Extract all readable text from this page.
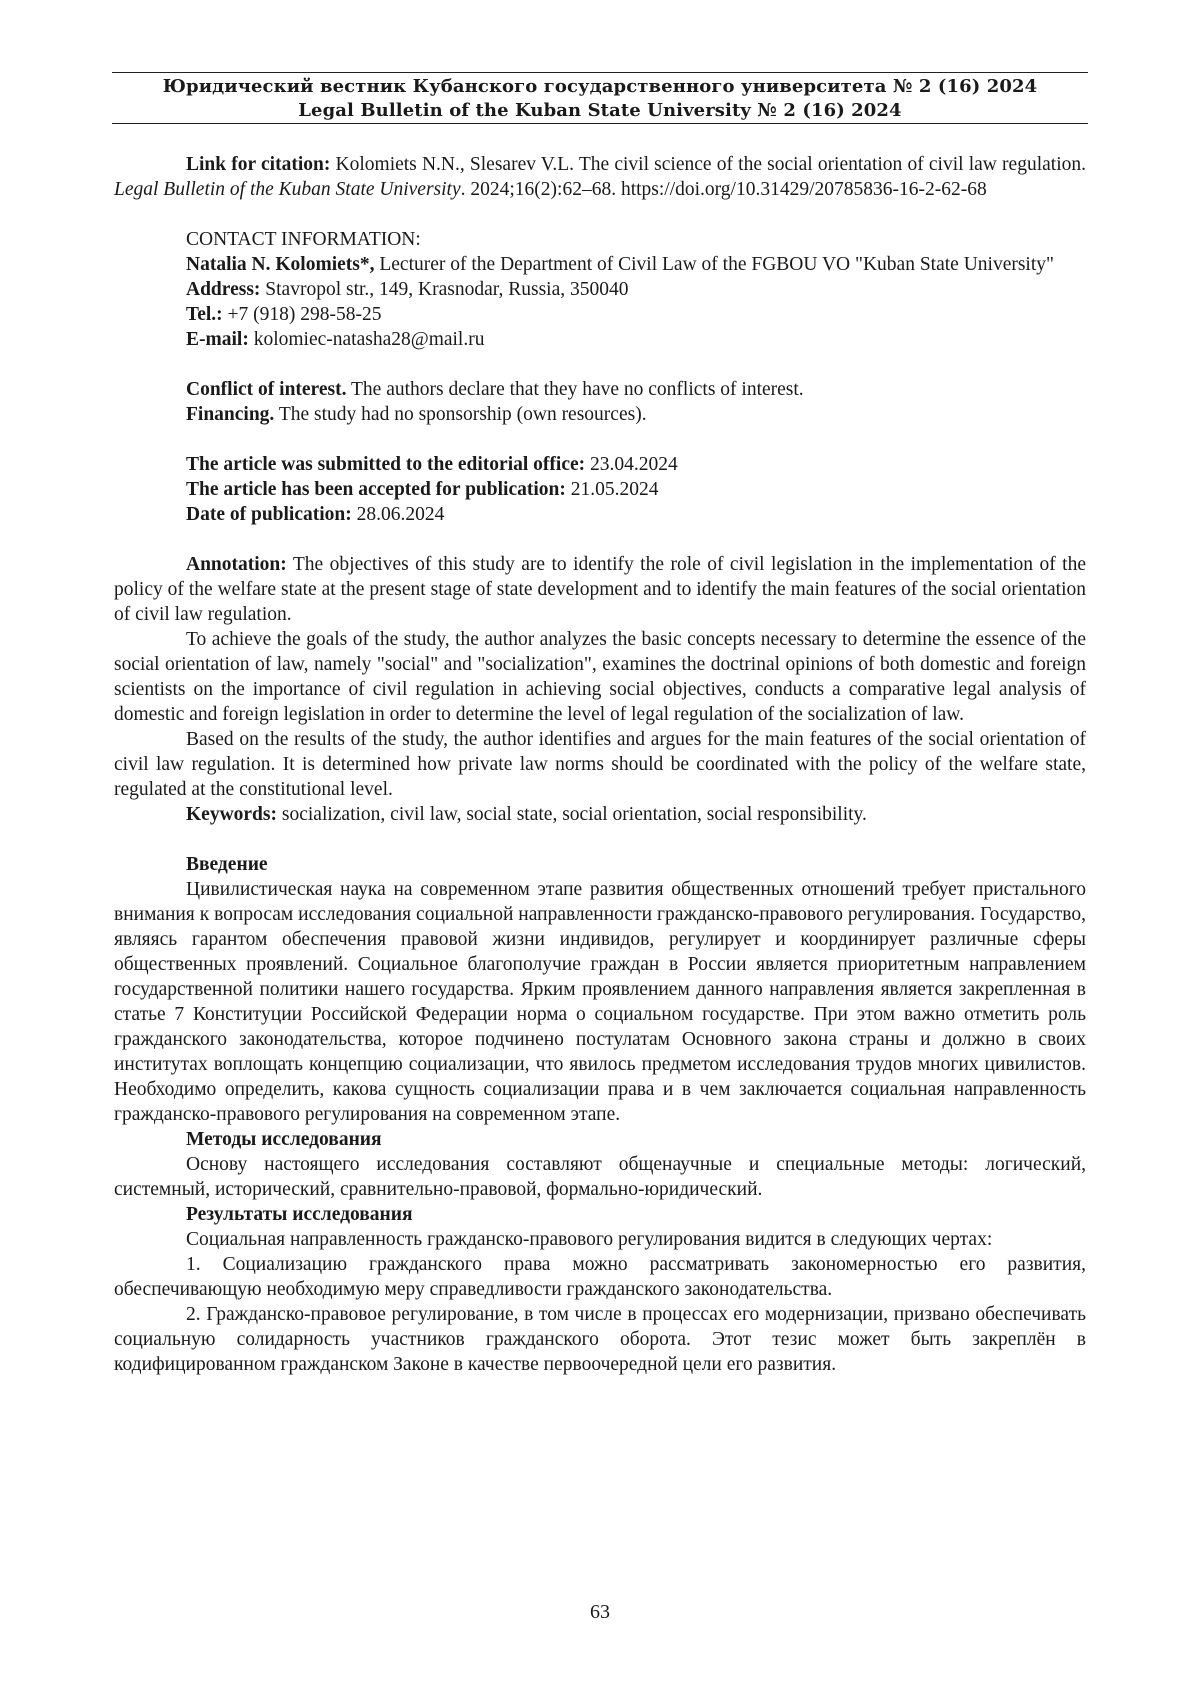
Юридический вестник Кубанского государственного университета № 2 (16) 2024
Legal Bulletin of the Kuban State University № 2 (16) 2024

Link for citation: Kolomiets N.N., Slesarev V.L. The civil science of the social orientation of civil law regulation. Legal Bulletin of the Kuban State University. 2024;16(2):62–68. https://doi.org/10.31429/20785836-16-2-62-68

CONTACT INFORMATION:

Natalia N. Kolomiets*, Lecturer of the Department of Civil Law of the FGBOU VO "Kuban State University"

Address: Stavropol str., 149, Krasnodar, Russia, 350040

Tel.: +7 (918) 298-58-25

E-mail: kolomiec-natasha28@mail.ru

Conflict of interest. The authors declare that they have no conflicts of interest.

Financing. The study had no sponsorship (own resources).

The article was submitted to the editorial office: 23.04.2024

The article has been accepted for publication: 21.05.2024

Date of publication: 28.06.2024

Annotation: The objectives of this study are to identify the role of civil legislation in the implementation of the policy of the welfare state at the present stage of state development and to identify the main features of the social orientation of civil law regulation.

To achieve the goals of the study, the author analyzes the basic concepts necessary to determine the essence of the social orientation of law, namely "social" and "socialization", examines the doctrinal opinions of both domestic and foreign scientists on the importance of civil regulation in achieving social objectives, conducts a comparative legal analysis of domestic and foreign legislation in order to determine the level of legal regulation of the socialization of law.

Based on the results of the study, the author identifies and argues for the main features of the social orientation of civil law regulation. It is determined how private law norms should be coordinated with the policy of the welfare state, regulated at the constitutional level.

Keywords: socialization, civil law, social state, social orientation, social responsibility.

Введение

Цивилистическая наука на современном этапе развития общественных отношений требует пристального внимания к вопросам исследования социальной направленности гражданско-правового регулирования. Государство, являясь гарантом обеспечения правовой жизни индивидов, регулирует и координирует различные сферы общественных проявлений. Социальное благополучие граждан в России является приоритетным направлением государственной политики нашего государства. Ярким проявлением данного направления является закрепленная в статье 7 Конституции Российской Федерации норма о социальном государстве. При этом важно отметить роль гражданского законодательства, которое подчинено постулатам Основного закона страны и должно в своих институтах воплощать концепцию социализации, что явилось предметом исследования трудов многих цивилистов. Необходимо определить, какова сущность социализации права и в чем заключается социальная направленность гражданско-правового регулирования на современном этапе.

Методы исследования

Основу настоящего исследования составляют общенаучные и специальные методы: логический, системный, исторический, сравнительно-правовой, формально-юридический.

Результаты исследования

Социальная направленность гражданско-правового регулирования видится в следующих чертах:

1. Социализацию гражданского права можно рассматривать закономерностью его развития, обеспечивающую необходимую меру справедливости гражданского законодательства.

2. Гражданско-правовое регулирование, в том числе в процессах его модернизации, призвано обеспечивать социальную солидарность участников гражданского оборота. Этот тезис может быть закреплён в кодифицированном гражданском Законе в качестве первоочередной цели его развития.

63
